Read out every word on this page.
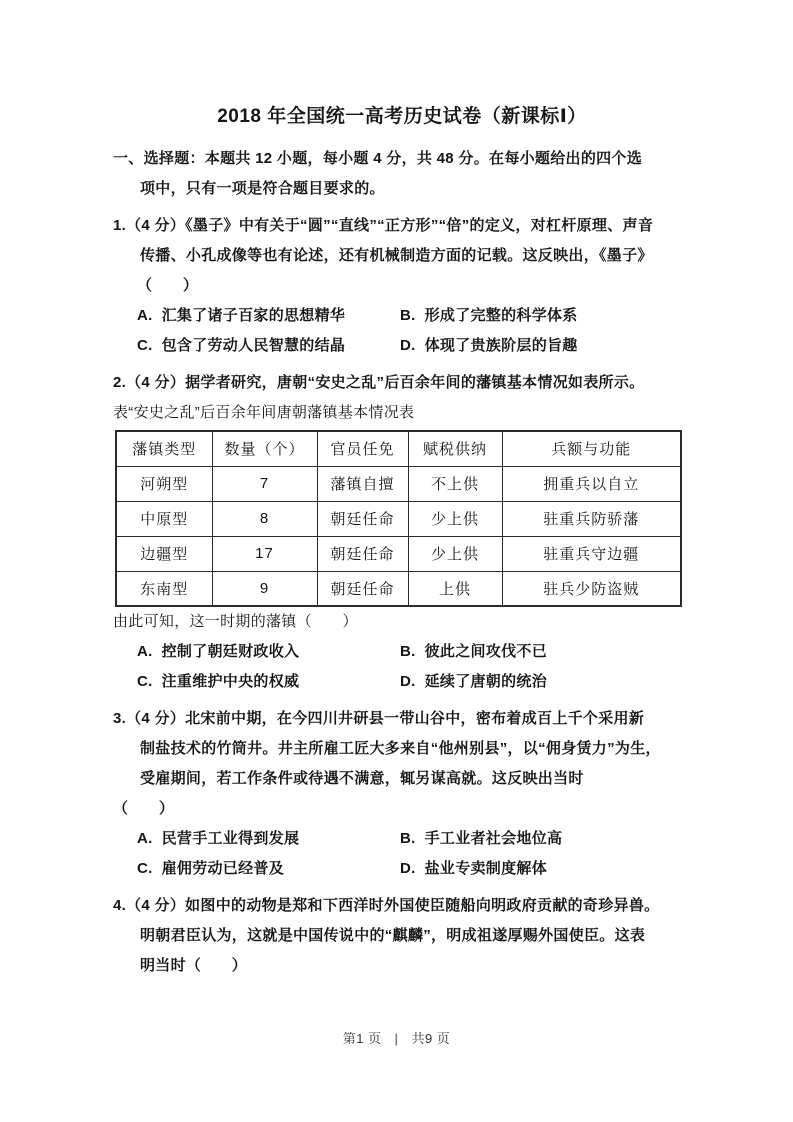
2018 年全国统一高考历史试卷（新课标Ⅰ）
一、选择题：本题共 12 小题，每小题 4 分，共 48 分。在每小题给出的四个选
项中，只有一项是符合题目要求的。
1.（4 分）《墨子》中有关于“圆”“直线”“正方形”“倍”的定义，对杠杆原理、声音
传播、小孔成像等也有论述，还有机械制造方面的记载。这反映出，《墨子》
（　　）
A. 汇集了诸子百家的思想精华	B. 形成了完整的科学体系
C. 包含了劳动人民智慧的结晶	D. 体现了贵族阶层的旨趣
2.（4 分）据学者研究，唐朝“安史之乱”后百余年间的藩镇基本情况如表所示。
表“安史之乱”后百余年间唐朝藩镇基本情况表
藩镇类型	数量（个）	官员任免	赋税供纳	兵额与功能
河朔型	7	藩镇自擅	不上供	拥重兵以自立
中原型	8	朝廷任命	少上供	驻重兵防骄藩
边疆型	17	朝廷任命	少上供	驻重兵守边疆
东南型	9	朝廷任命	上供	驻兵少防盗贼
由此可知，这一时期的藩镇（　　）
A. 控制了朝廷财政收入	B. 彼此之间攻伐不已
C. 注重维护中央的权威	D. 延续了唐朝的统治
3.（4 分）北宋前中期，在今四川井研县一带山谷中，密布着成百上千个采用新
制盐技术的竹筒井。井主所雇工匠大多来自“他州别县”，以“佣身赁力”为生，
受雇期间，若工作条件或待遇不满意，辄另谋高就。这反映出当时
（　　）
A. 民营手工业得到发展	B. 手工业者社会地位高
C. 雇佣劳动已经普及	D. 盐业专卖制度解体
4.（4 分）如图中的动物是郑和下西洋时外国使臣随船向明政府贡献的奇珍异兽。
明朝君臣认为，这就是中国传说中的“麒麟”，明成祖遂厚赐外国使臣。这表
明当时（　　）
第1 页 | 共9 页
